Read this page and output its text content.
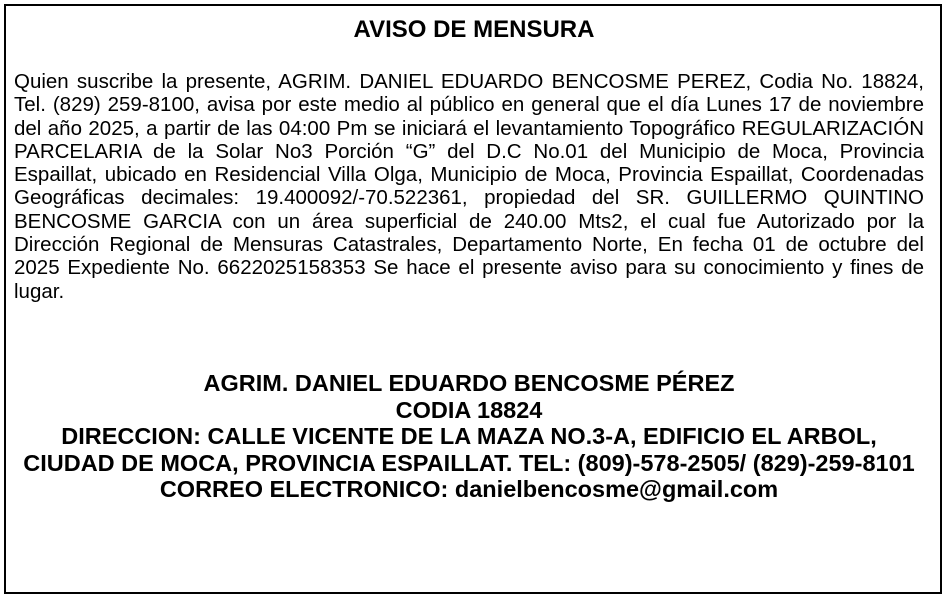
AVISO DE MENSURA

Quien suscribe la presente, AGRIM. DANIEL EDUARDO BENCOSME PEREZ, Codia No. 18824, Tel. (829) 259-8100, avisa por este medio al público en general que el día Lunes 17 de noviembre del año 2025, a partir de las 04:00 Pm se iniciará el levantamiento Topográfico REGULARIZACIÓN PARCELARIA de la Solar No3 Porción “G” del D.C No.01 del Municipio de Moca, Provincia Espaillat, ubicado en Residencial Villa Olga, Municipio de Moca, Provincia Espaillat, Coordenadas Geográficas decimales: 19.400092/-70.522361, propiedad del SR. GUILLERMO QUINTINO BENCOSME GARCIA con un área superficial de 240.00 Mts2, el cual fue Autorizado por la Dirección Regional de Mensuras Catastrales, Departamento Norte, En fecha 01 de octubre del 2025 Expediente No. 6622025158353 Se hace el presente aviso para su conocimiento y fines de lugar.

AGRIM. DANIEL EDUARDO BENCOSME PÉREZ
CODIA 18824
DIRECCION: CALLE VICENTE DE LA MAZA NO.3-A, EDIFICIO EL ARBOL,
CIUDAD DE MOCA, PROVINCIA ESPAILLAT. TEL: (809)-578-2505/ (829)-259-8101
CORREO ELECTRONICO: danielbencosme@gmail.com
